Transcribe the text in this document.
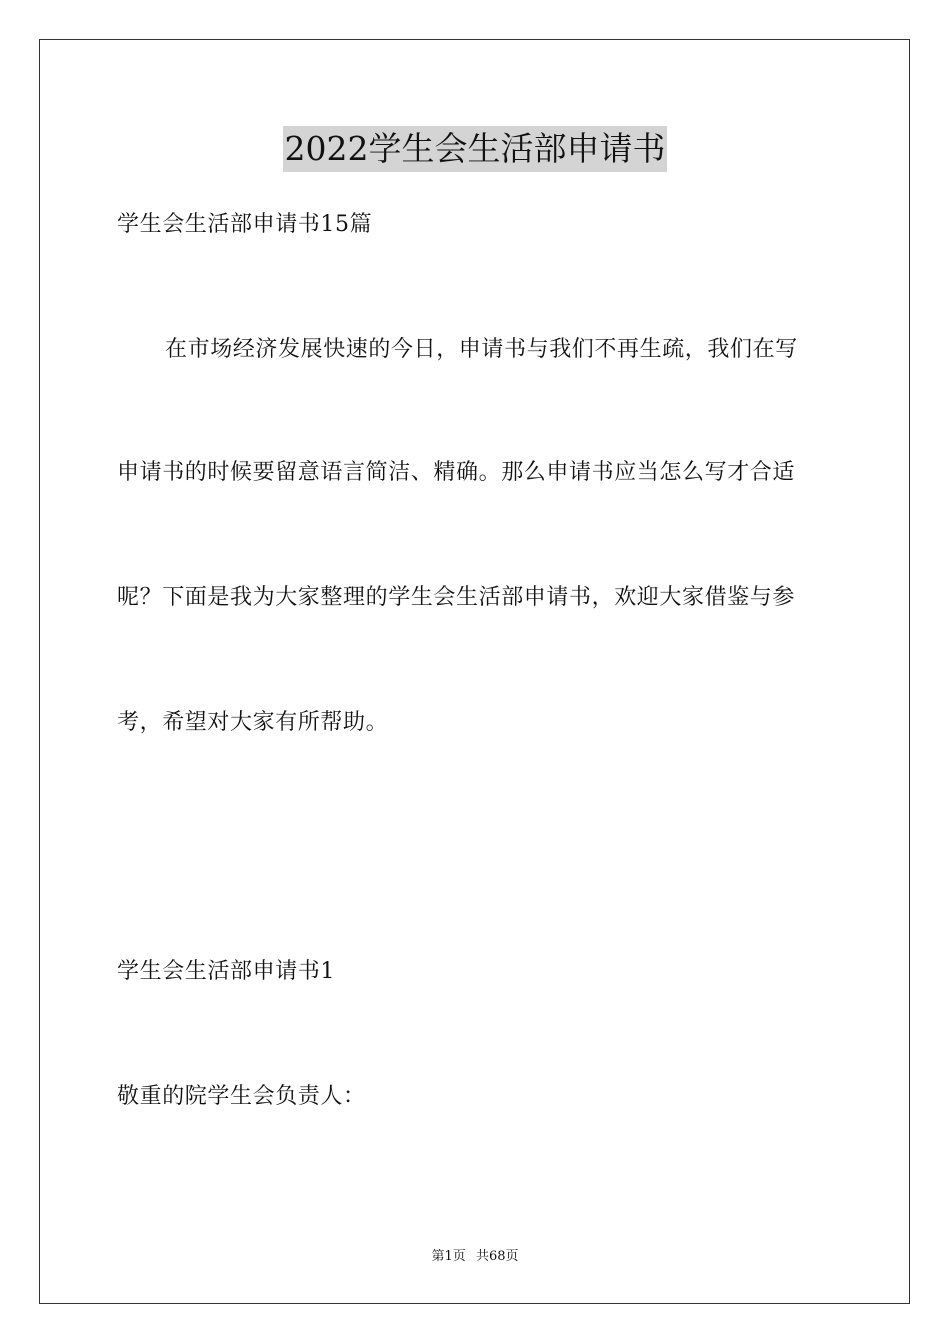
2022学生会生活部申请书
学生会生活部申请书15篇
在市场经济发展快速的今日，申请书与我们不再生疏，我们在写
申请书的时候要留意语言简洁、精确。那么申请书应当怎么写才合适
呢？下面是我为大家整理的学生会生活部申请书，欢迎大家借鉴与参
考，希望对大家有所帮助。
学生会生活部申请书1
敬重的院学生会负责人：
第1页 共68页
